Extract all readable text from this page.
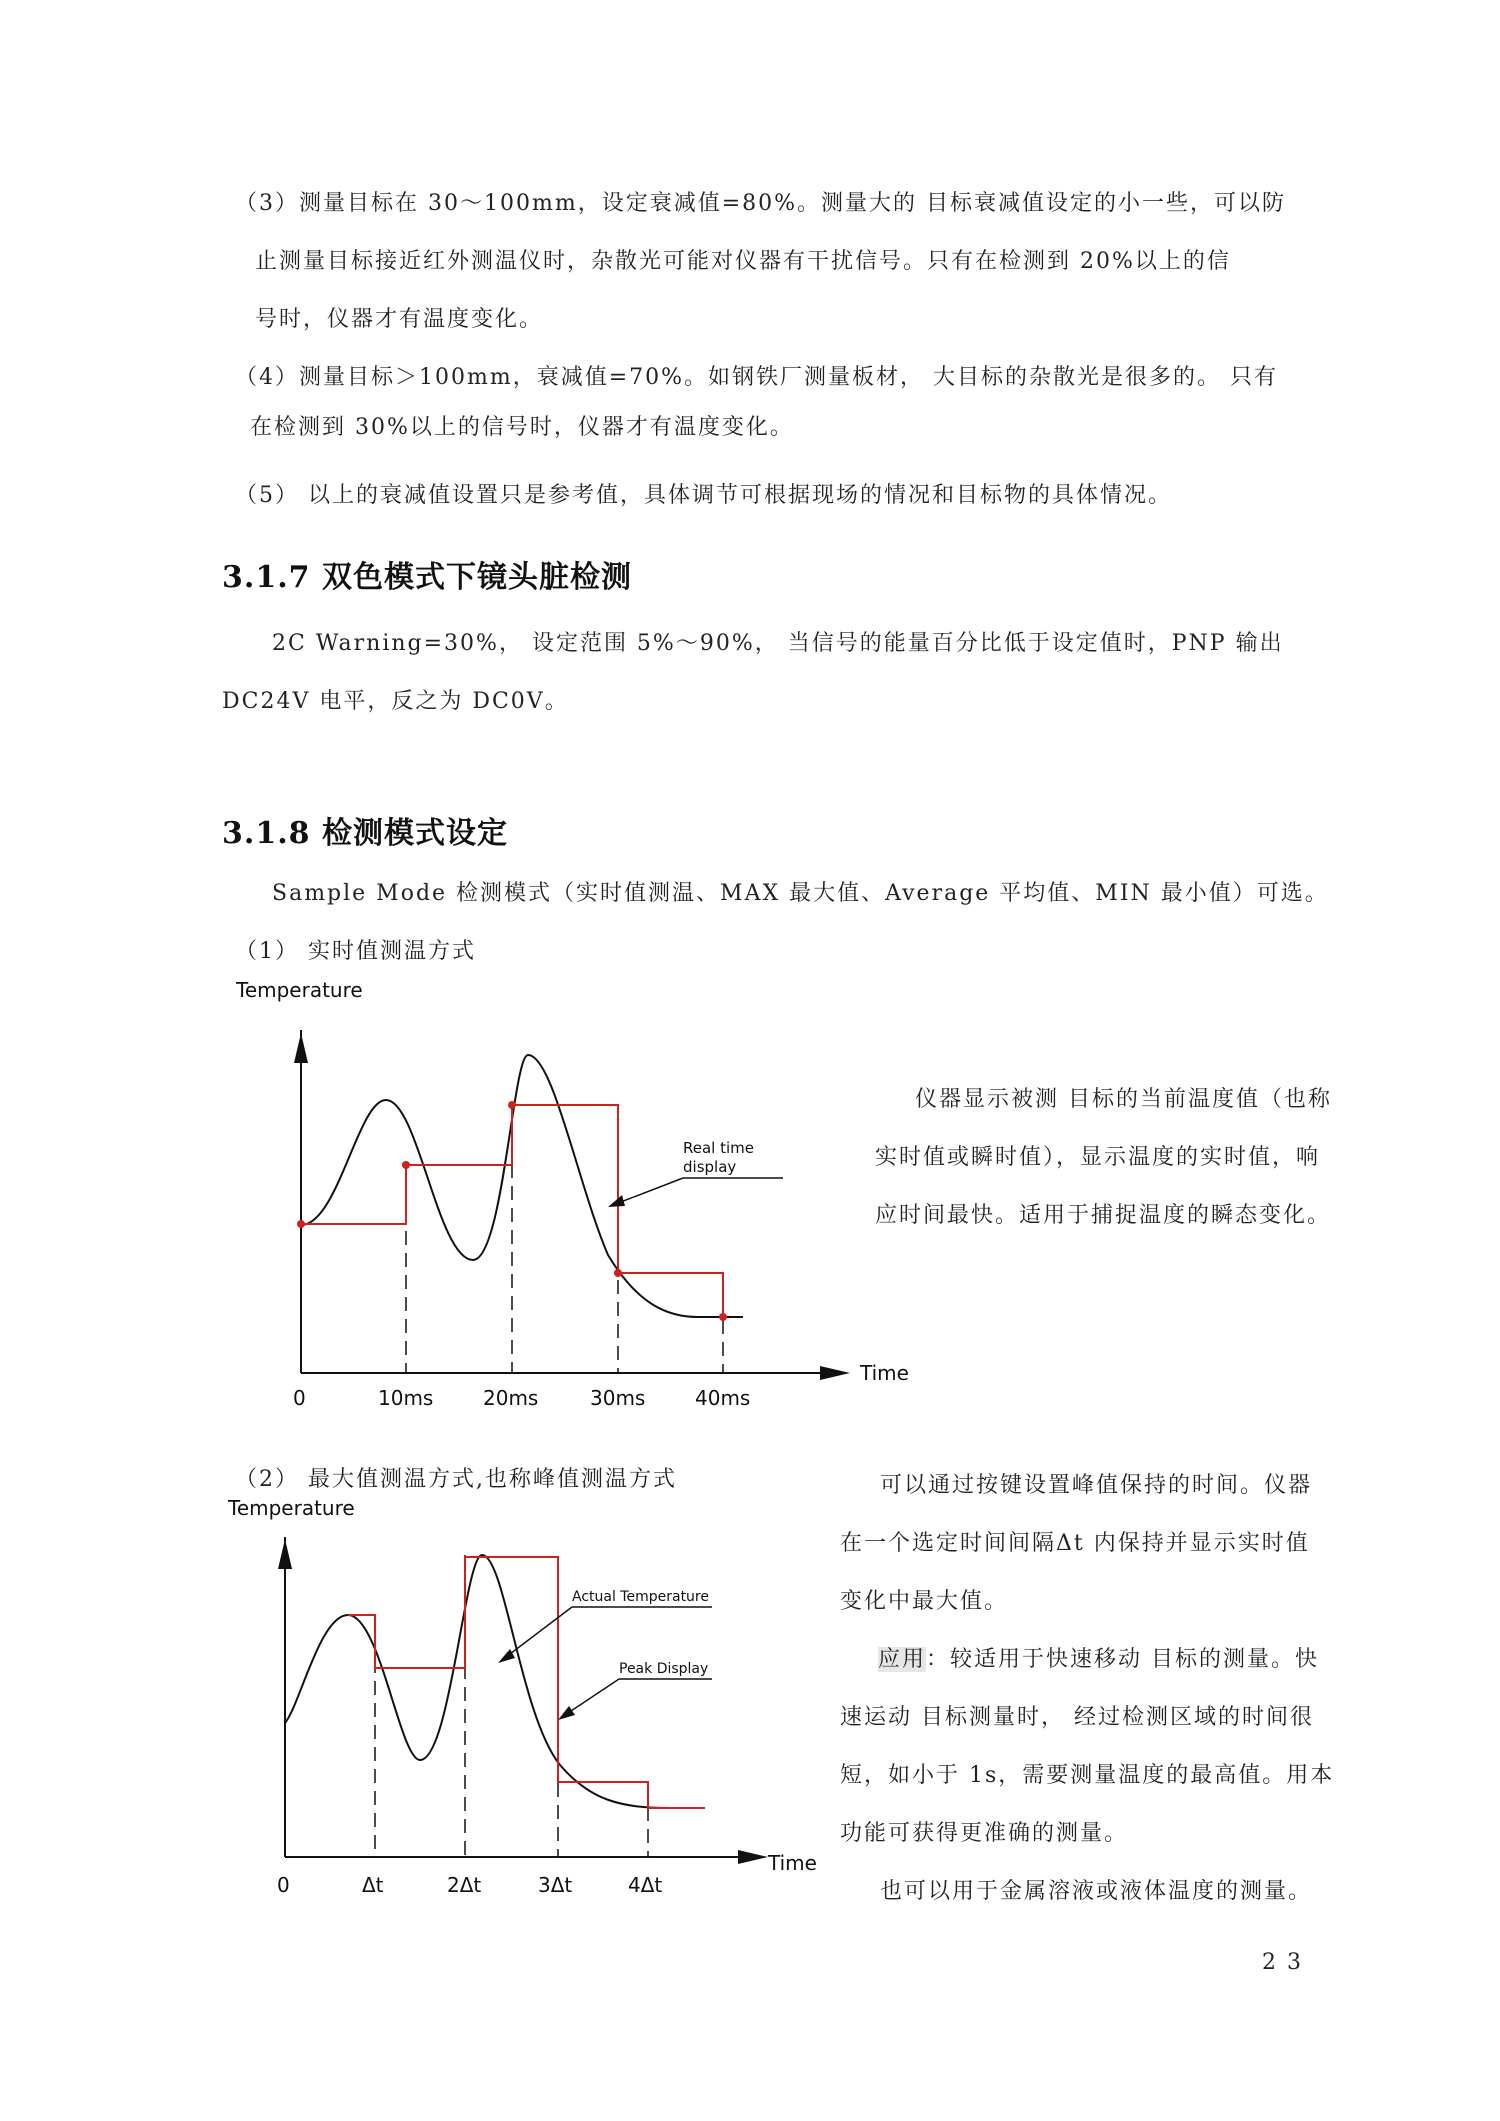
（3）测量目标在 30～100mm，设定衰减值=80%。测量大的 目标衰减值设定的小一些，可以防
止测量目标接近红外测温仪时，杂散光可能对仪器有干扰信号。只有在检测到 20%以上的信
号时，仪器才有温度变化。
（4）测量目标＞100mm，衰减值=70%。如钢铁厂测量板材， 大目标的杂散光是很多的。 只有
在检测到 30%以上的信号时，仪器才有温度变化。
（5） 以上的衰减值设置只是参考值，具体调节可根据现场的情况和目标物的具体情况。
3.1.7 双色模式下镜头脏检测
2C Warning=30%， 设定范围 5%～90%， 当信号的能量百分比低于设定值时，PNP 输出
DC24V 电平，反之为 DC0V。
3.1.8 检测模式设定
Sample Mode 检测模式（实时值测温、MAX 最大值、Average 平均值、MIN 最小值）可选。
（1） 实时值测温方式
Temperature
Time
Real time
display
0	10ms 20ms	30ms 40ms
仪器显示被测 目标的当前温度值（也称
实时值或瞬时值），显示温度的实时值，响
应时间最快。适用于捕捉温度的瞬态变化。
（2） 最大值测温方式,也称峰值测温方式
Temperature
Time
Actual Temperature
Peak Display
0	Δt	2Δt	3Δt	4Δt
可以通过按键设置峰值保持的时间。仪器
在一个选定时间间隔Δt 内保持并显示实时值
变化中最大值。
应用：较适用于快速移动 目标的测量。快
速运动 目标测量时， 经过检测区域的时间很
短，如小于 1s，需要测量温度的最高值。用本
功能可获得更准确的测量。
也可以用于金属溶液或液体温度的测量。
2 3
